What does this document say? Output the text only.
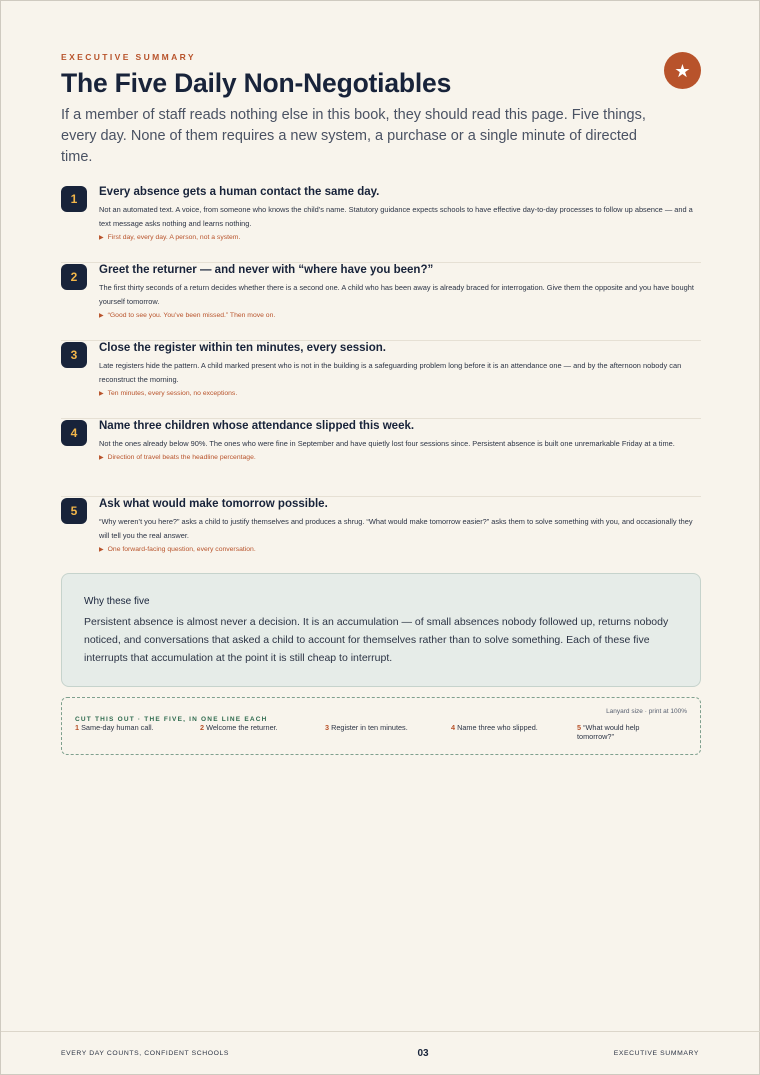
EXECUTIVE SUMMARY
★
The Five Daily Non-Negotiables

If a member of staff reads nothing else in this book, they should read this page. Five things, every day. None of them requires a new system, a purchase or a single minute of directed time.

1	Every absence gets a human contact the same day.
Not an automated text. A voice, from someone who knows the child’s name. Statutory guidance expects schools to have effective day-to-day processes to follow up absence — and a text message asks nothing and learns nothing.
▶ First day, every day. A person, not a system.
2	Greet the returner — and never with “where have you been?”
The first thirty seconds of a return decides whether there is a second one. A child who has been away is already braced for interrogation. Give them the opposite and you have bought yourself tomorrow.
▶ “Good to see you. You’ve been missed.” Then move on.
3	Close the register within ten minutes, every session.
Late registers hide the pattern. A child marked present who is not in the building is a safeguarding problem long before it is an attendance one — and by the afternoon nobody can reconstruct the morning.
▶ Ten minutes, every session, no exceptions.
4	Name three children whose attendance slipped this week.
Not the ones already below 90%. The ones who were fine in September and have quietly lost four sessions since. Persistent absence is built one unremarkable Friday at a time.
▶ Direction of travel beats the headline percentage.
5	Ask what would make tomorrow possible.
“Why weren’t you here?” asks a child to justify themselves and produces a shrug. “What would make tomorrow easier?” asks them to solve something with you, and occasionally they will tell you the real answer.
▶ One forward-facing question, every conversation.
Why these five

Persistent absence is almost never a decision. It is an accumulation — of small absences nobody followed up, returns nobody noticed, and conversations that asked a child to account for themselves rather than to solve something. Each of these five interrupts that accumulation at the point it is still cheap to interrupt.

CUT THIS OUT · THE FIVE, IN ONE LINE EACH
Lanyard size · print at 100%
1 Same-day human call.	2 Welcome the returner.	3 Register in ten minutes.	4 Name three who slipped.	5 “What would help tomorrow?”
EVERY DAY COUNTS, CONFIDENT SCHOOLS	03	EXECUTIVE SUMMARY
